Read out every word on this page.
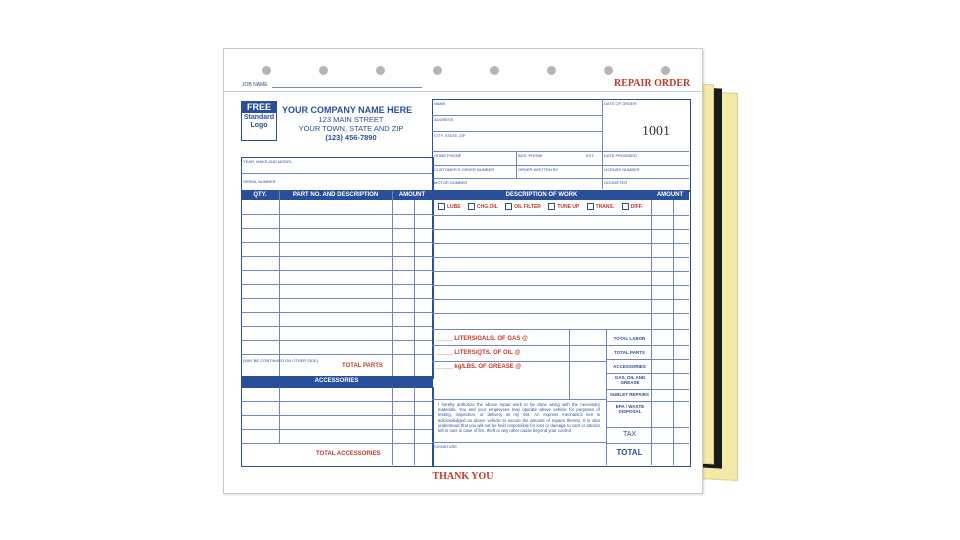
JOB NAME	REPAIR ORDER
FREE
Standard
Logo
YOUR COMPANY NAME HERE
123 MAIN STREET
YOUR TOWN, STATE AND ZIP
(123) 456-7890
NAME	DATE OF ORDER
1001
ADDRESS
CITY, STATE, ZIP
HOME PHONE	BUS. PHONE	EXT. DATE PROMISED
CUSTOMER'S ORDER NUMBER	ORDER WRITTEN BY	LICENSE NUMBER
MOTOR NUMBER	ODOMETER
YEAR, MAKE AND MODEL
SERIAL NUMBER
QTY.	PART NO. AND DESCRIPTION	AMOUNT
(MAY BE CONTINUED ON OTHER SIDE)
TOTAL PARTS
ACCESSORIES
TOTAL ACCESSORIES
DESCRIPTION OF WORK	AMOUNT
LUBE	CHG.OIL	OIL FILTER	TUNE UP	TRANS.	DIFF.
_____ LITERS/GALS. OF GAS @
_____ LITERS/QTS. OF OIL @
_____ kg/LBS. OF GREASE @
I hereby authorize the above repair work to be done along with the necessary materials. You and your employees may operate above vehicle for purposes of testing, inspection, or delivery at my risk. An express mechanics lien is acknowledged on above vehicle to secure the amount of repairs thereto. It is also understood that you will not be held responsible for loss or damage to cars or articles left in cars in case of fire, theft or any other cause beyond your control.
SIGNATURE
TOTAL LABOR
TOTAL PARTS
ACCESSORIES
GAS, OIL AND GREASE
SUBLET REPAIRS
EPA / WASTE DISPOSAL
TAX
TOTAL
THANK YOU
